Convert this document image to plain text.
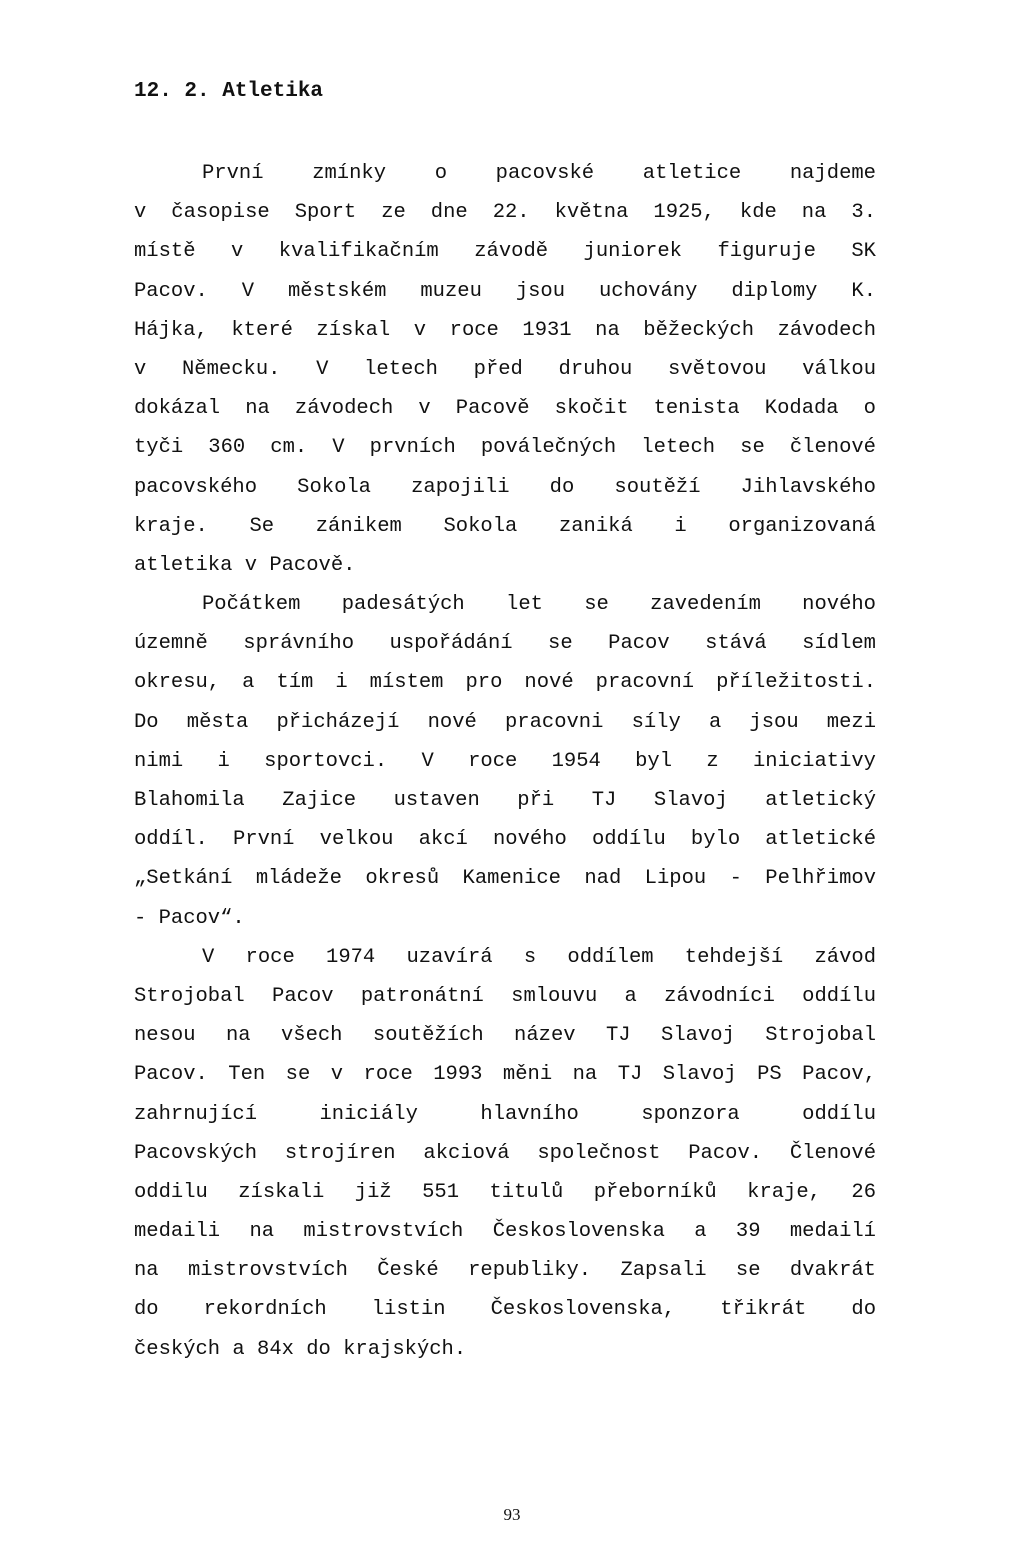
12. 2. Atletika
První zmínky o pacovské atletice najdeme
v časopise Sport ze dne 22. května 1925, kde na 3.
místě v kvalifikačním závodě juniorek figuruje SK
Pacov. V městském muzeu jsou uchovány diplomy K.
Hájka, které získal v roce 1931 na běžeckých závodech
v Německu. V letech před druhou světovou válkou
dokázal na závodech v Pacově skočit tenista Kodada o
tyči 360 cm. V prvních poválečných letech se členové
pacovského Sokola zapojili do soutěží Jihlavského
kraje. Se zánikem Sokola zaniká i organizovaná
atletika v Pacově.
Počátkem padesátých let se zavedením nového
územně správního uspořádání se Pacov stává sídlem
okresu, a tím i místem pro nové pracovní příležitosti.
Do města přicházejí nové pracovni síly a jsou mezi
nimi i sportovci. V roce 1954 byl z iniciativy
Blahomila Zajice ustaven při TJ Slavoj atletický
oddíl. První velkou akcí nového oddílu bylo atletické
„Setkání mládeže okresů Kamenice nad Lipou - Pelhřimov
- Pacov“.
V roce 1974 uzavírá s oddílem tehdejší závod
Strojobal Pacov patronátní smlouvu a závodníci oddílu
nesou na všech soutěžích název TJ Slavoj Strojobal
Pacov. Ten se v roce 1993 měni na TJ Slavoj PS Pacov,
zahrnující iniciály hlavního sponzora oddílu
Pacovských strojíren akciová společnost Pacov. Členové
oddilu získali již 551 titulů přeborníků kraje, 26
medaili na mistrovstvích Československa a 39 medailí
na mistrovstvích České republiky. Zapsali se dvakrát
do rekordních listin Československa, třikrát do
českých a 84x do krajských.
93
